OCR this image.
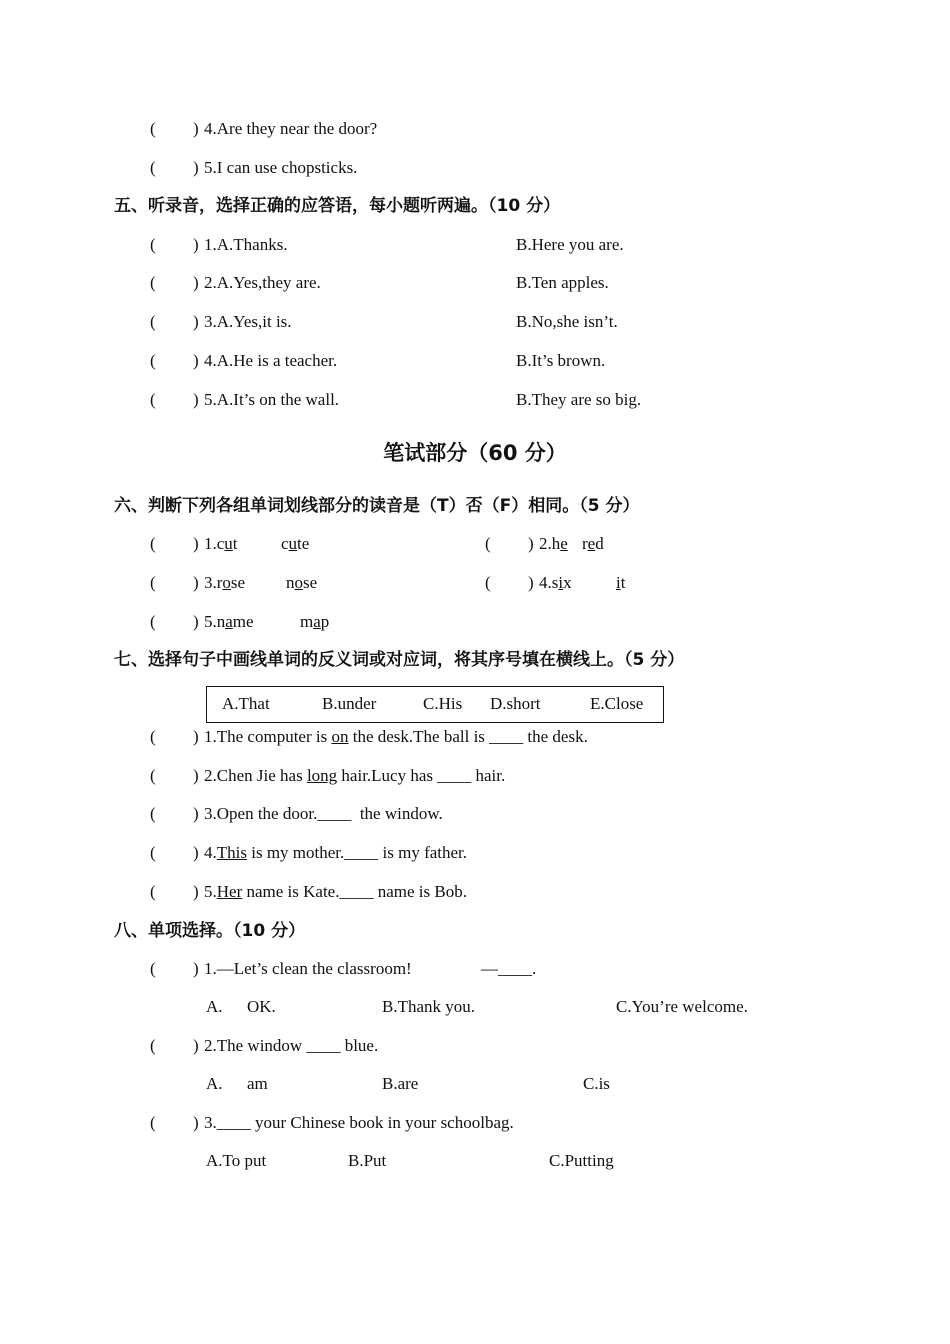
( ) 4.Are they near the door?
( ) 5.I can use chopsticks.
五、听录音，选择正确的应答语，每小题听两遍。（10 分）
( ) 1.A.Thanks.	B.Here you are.
( ) 2.A.Yes,they are.	B.Ten apples.
( ) 3.A.Yes,it is.	B.No,she isn’t.
( ) 4.A.He is a teacher.	B.It’s brown.
( ) 5.A.It’s on the wall.	B.They are so big.
笔试部分（60 分）
六、判断下列各组单词划线部分的读音是（T）否（F）相同。（5 分）
( ) 1.cut	cute	( ) 2.he red
( ) 3.rose nose	( ) 4.six	it
( ) 5.name	map
七、选择句子中画线单词的反义词或对应词，将其序号填在横线上。（5 分）
A.That	B.under	C.His D.short	E.Close
( ) 1.The computer is on the desk.The ball is ____ the desk.
( ) 2.Chen Jie has long hair.Lucy has ____ hair.
( ) 3.Open the door.____  the window.
( ) 4.This is my mother.____ is my father.
( ) 5.Her name is Kate.____ name is Bob.
八、单项选择。（10 分）
( ) 1.—Let’s clean the classroom!	—____.
A. OK.	B.Thank you.	C.You’re welcome.
( ) 2.The window ____ blue.
A. am	B.are	C.is
( ) 3.____ your Chinese book in your schoolbag.
A.To put	B.Put	C.Putting
